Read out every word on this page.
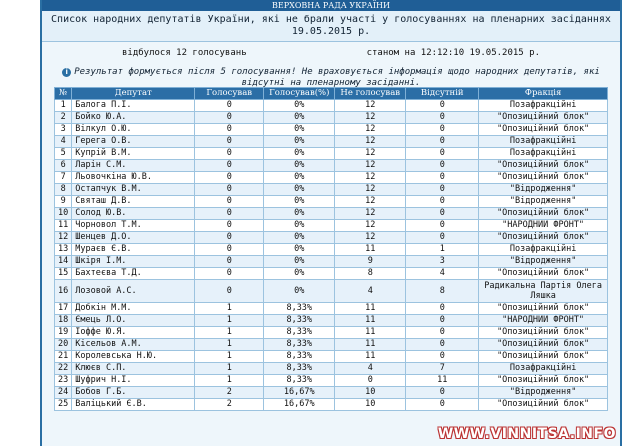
ВЕРХОВНА РАДА УКРАЇНИ
Список народних депутатів України, які не брали участі у голосуваннях на пленарних засіданнях
19.05.2015 р.
відбулося 12 голосувань	станом на 12:12:10 19.05.2015 р.
i Результат формується після 5 голосування! Не враховується інформація щодо народних депутатів, які відсутні на пленарному засіданні.
№	Депутат	Голосував	Голосував(%)	Не голосував	Відсутній	Фракція
1	Балога П.І.	0	0%	12	0	Позафракційні
2	Бойко Ю.А.	0	0%	12	0	"Опозиційний блок"
3	Вілкул О.Ю.	0	0%	12	0	"Опозиційний блок"
4	Герега О.В.	0	0%	12	0	Позафракційні
5	Купрій В.М.	0	0%	12	0	Позафракційні
6	Ларін С.М.	0	0%	12	0	"Опозиційний блок"
7	Льовочкіна Ю.В.	0	0%	12	0	"Опозиційний блок"
8	Остапчук В.М.	0	0%	12	0	"Відродження"
9	Святаш Д.В.	0	0%	12	0	"Відродження"
10	Солод Ю.В.	0	0%	12	0	"Опозиційний блок"
11	Чорновол Т.М.	0	0%	12	0	"НАРОДНИЙ ФРОНТ"
12	Шенцев Д.О.	0	0%	12	0	"Опозиційний блок"
13	Мураєв Є.В.	0	0%	11	1	Позафракційні
14	Шкіря І.М.	0	0%	9	3	"Відродження"
15	Бахтеєва Т.Д.	0	0%	8	4	"Опозиційний блок"
16	Лозовой А.С.	0	0%	4	8	Радикальна Партія Олега Ляшка
17	Добкін М.М.	1	8,33%	11	0	"Опозиційний блок"
18	Ємець Л.О.	1	8,33%	11	0	"НАРОДНИЙ ФРОНТ"
19	Іоффе Ю.Я.	1	8,33%	11	0	"Опозиційний блок"
20	Кісельов А.М.	1	8,33%	11	0	"Опозиційний блок"
21	Королевська Н.Ю.	1	8,33%	11	0	"Опозиційний блок"
22	Клюєв С.П.	1	8,33%	4	7	Позафракційні
23	Шуфрич Н.І.	1	8,33%	0	11	"Опозиційний блок"
24	Бобов Г.Б.	2	16,67%	10	0	"Відродження"
25	Валіцький Є.В.	2	16,67%	10	0	"Опозиційний блок"
WWW.VINNITSA.INFO
